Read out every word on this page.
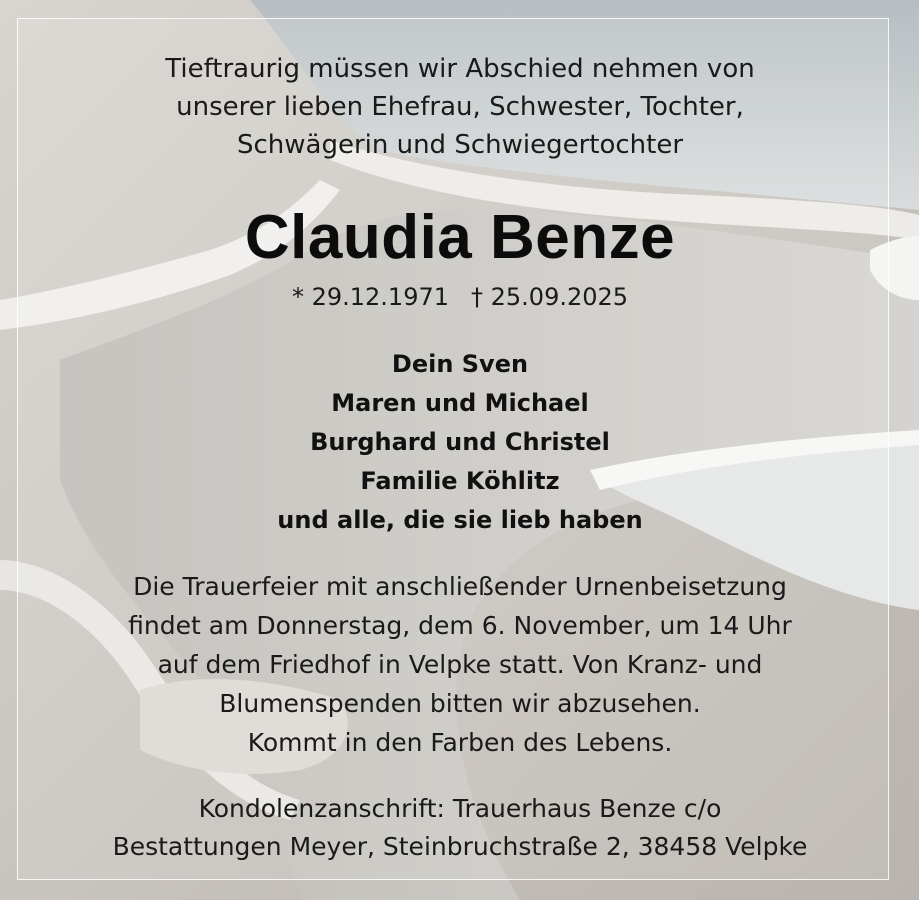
Tieftraurig müssen wir Abschied nehmen von
unserer lieben Ehefrau, Schwester, Tochter,
Schwägerin und Schwiegertochter
Claudia Benze
* 29.12.1971 † 25.09.2025
Dein Sven
Maren und Michael
Burghard und Christel
Familie Köhlitz
und alle, die sie lieb haben
Die Trauerfeier mit anschließender Urnenbeisetzung
findet am Donnerstag, dem 6. November, um 14 Uhr
auf dem Friedhof in Velpke statt. Von Kranz- und
Blumenspenden bitten wir abzusehen.
Kommt in den Farben des Lebens.
Kondolenzanschrift: Trauerhaus Benze c/o
Bestattungen Meyer, Steinbruchstraße 2, 38458 Velpke
